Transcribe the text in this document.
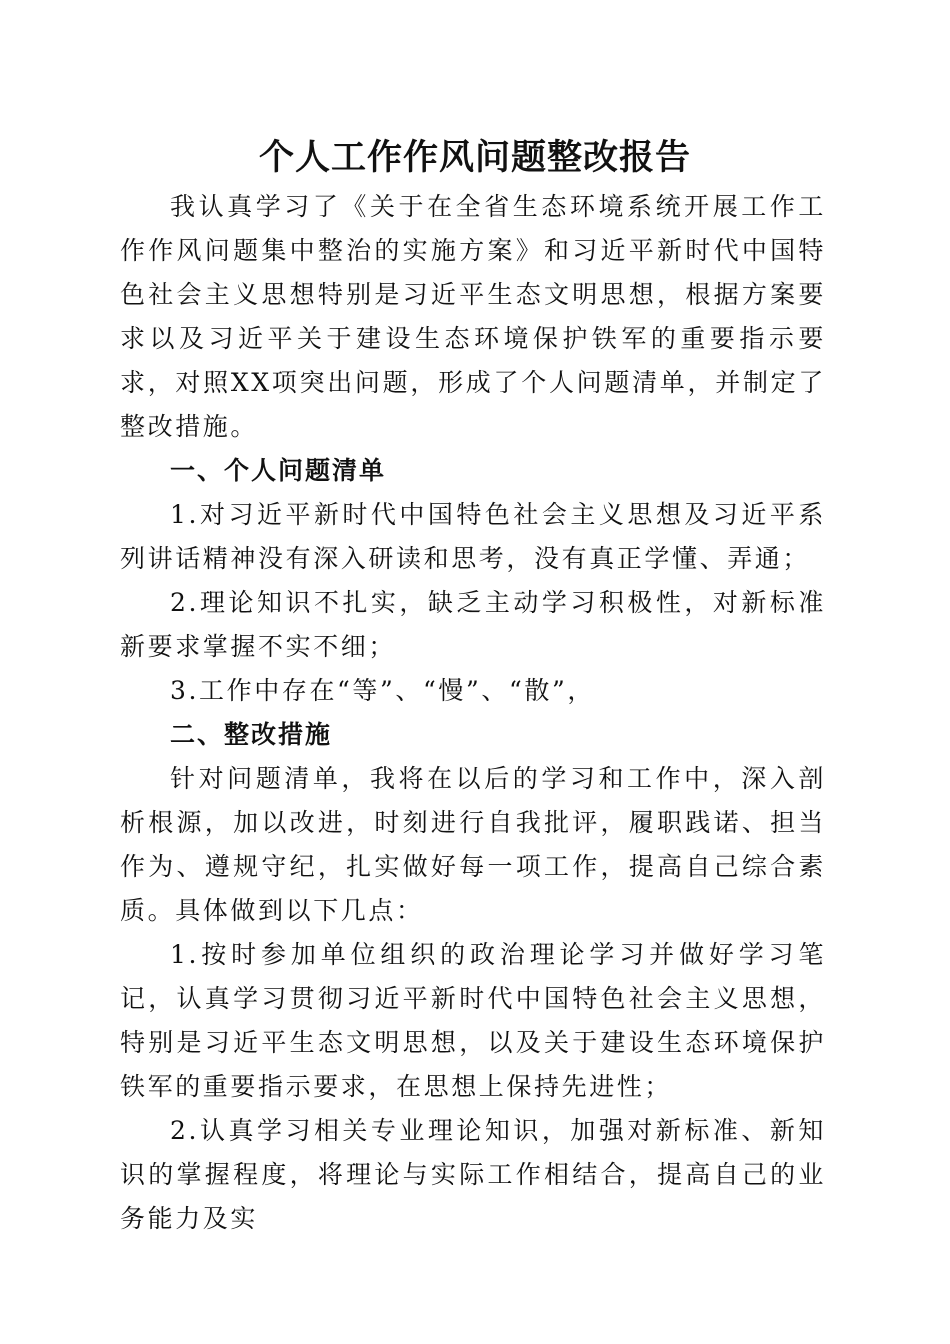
个人工作作风问题整改报告

我认真学习了《关于在全省生态环境系统开展工作工作作风问题集中整治的实施方案》和习近平新时代中国特色社会主义思想特别是习近平生态文明思想，根据方案要求以及习近平关于建设生态环境保护铁军的重要指示要求，对照XX项突出问题，形成了个人问题清单，并制定了整改措施。

一、个人问题清单

1.对习近平新时代中国特色社会主义思想及习近平系列讲话精神没有深入研读和思考，没有真正学懂、弄通；

2.理论知识不扎实，缺乏主动学习积极性，对新标准新要求掌握不实不细；

3.工作中存在“等”、“慢”、“散”，

二、整改措施

针对问题清单，我将在以后的学习和工作中，深入剖析根源，加以改进，时刻进行自我批评，履职践诺、担当作为、遵规守纪，扎实做好每一项工作，提高自己综合素质。具体做到以下几点：

1.按时参加单位组织的政治理论学习并做好学习笔记，认真学习贯彻习近平新时代中国特色社会主义思想，特别是习近平生态文明思想，以及关于建设生态环境保护铁军的重要指示要求，在思想上保持先进性；

2.认真学习相关专业理论知识，加强对新标准、新知识的掌握程度，将理论与实际工作相结合，提高自己的业务能力及实
